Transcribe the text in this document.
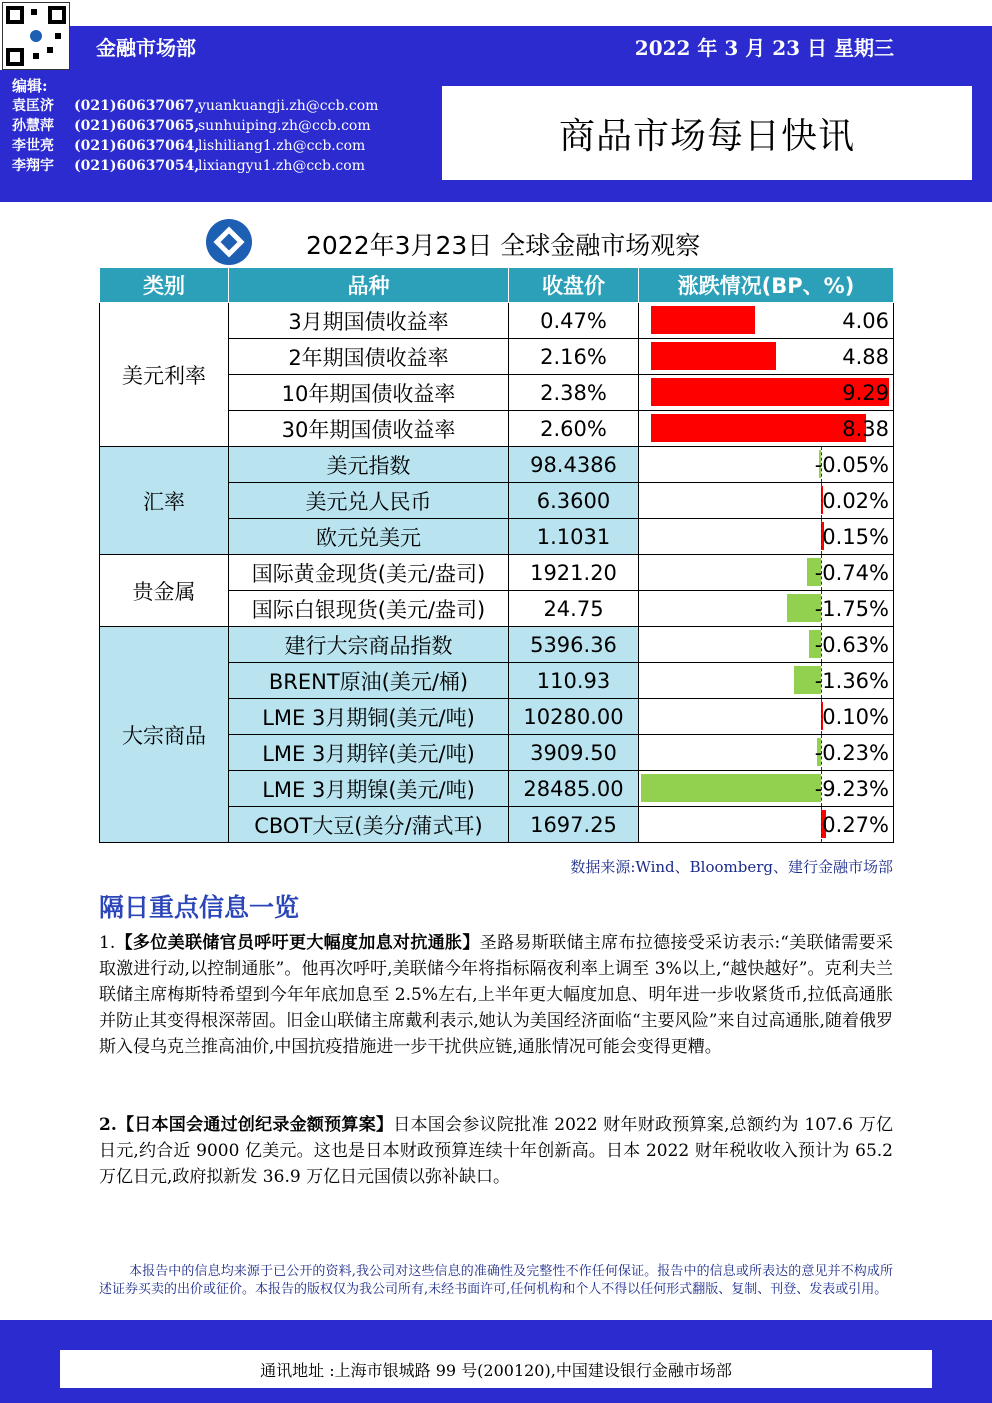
金融市场部	2022 年 3 月 23 日 星期三
编辑:
袁匡济 (021)60637067,yuankuangji.zh@ccb.com
孙慧萍 (021)60637065,sunhuiping.zh@ccb.com
李世亮 (021)60637064,lishiliang1.zh@ccb.com
李翔宇 (021)60637054,lixiangyu1.zh@ccb.com
商品市场每日快讯
2022年3月23日 全球金融市场观察
类别	品种	收盘价	涨跌情况(BP、%)
美元利率	3月期国债收益率	0.47%	4.06
	2年期国债收益率	2.16%	4.88
	10年期国债收益率	2.38%	9.29
	30年期国债收益率	2.60%	8.38
汇率	美元指数	98.4386	-0.05%
	美元兑人民币	6.3600	0.02%
	欧元兑美元	1.1031	0.15%
贵金属	国际黄金现货(美元/盎司)	1921.20	-0.74%
	国际白银现货(美元/盎司)	24.75	-1.75%
大宗商品	建行大宗商品指数	5396.36	-0.63%
	BRENT原油(美元/桶)	110.93	-1.36%
	LME 3月期铜(美元/吨)	10280.00	0.10%
	LME 3月期锌(美元/吨)	3909.50	-0.23%
	LME 3月期镍(美元/吨)	28485.00	-9.23%
	CBOT大豆(美分/蒲式耳)	1697.25	0.27%
数据来源:Wind、Bloomberg、建行金融市场部
隔日重点信息一览
1.【多位美联储官员呼吁更大幅度加息对抗通胀】圣路易斯联储主席布拉德接受采访表示:“美联储需要采取激进行动,以控制通胀”。他再次呼吁,美联储今年将指标隔夜利率上调至 3%以上,“越快越好”。克利夫兰联储主席梅斯特希望到今年年底加息至 2.5%左右,上半年更大幅度加息、明年进一步收紧货币,拉低高通胀并防止其变得根深蒂固。旧金山联储主席戴利表示,她认为美国经济面临“主要风险”来自过高通胀,随着俄罗斯入侵乌克兰推高油价,中国抗疫措施进一步干扰供应链,通胀情况可能会变得更糟。
2.【日本国会通过创纪录金额预算案】日本国会参议院批准 2022 财年财政预算案,总额约为 107.6 万亿日元,约合近 9000 亿美元。这也是日本财政预算连续十年创新高。日本 2022 财年税收收入预计为 65.2 万亿日元,政府拟新发 36.9 万亿日元国债以弥补缺口。
本报告中的信息均来源于已公开的资料,我公司对这些信息的准确性及完整性不作任何保证。报告中的信息或所表达的意见并不构成所述证券买卖的出价或征价。本报告的版权仅为我公司所有,未经书面许可,任何机构和个人不得以任何形式翻版、复制、刊登、发表或引用。
通讯地址 :上海市银城路 99 号(200120),中国建设银行金融市场部
